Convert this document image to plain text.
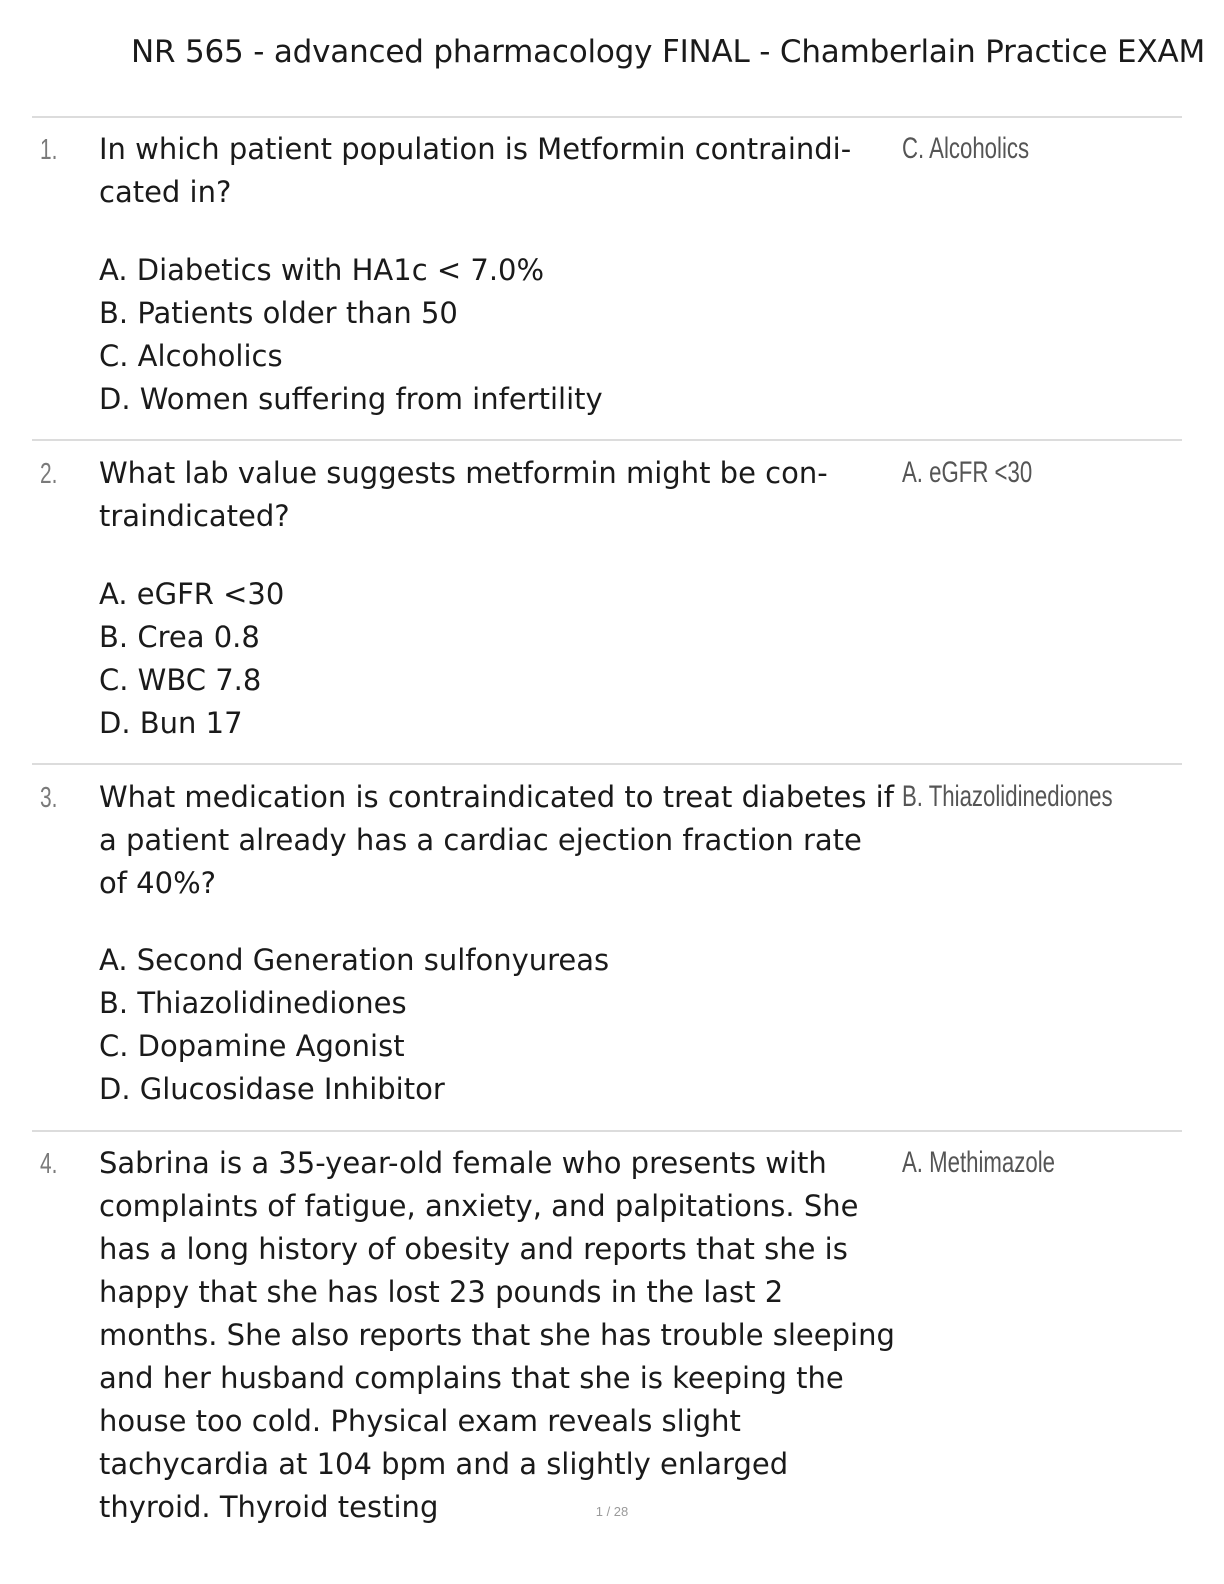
NR 565 - advanced pharmacology FINAL - Chamberlain Practice EXAM
1. In which patient population is Metformin contraindi- cated in?
C. Alcoholics
A. Diabetics with HA1c < 7.0%
B. Patients older than 50
C. Alcoholics
D. Women suffering from infertility
2. What lab value suggests metformin might be con- traindicated?
A. eGFR <30
A. eGFR <30
B. Crea 0.8
C. WBC 7.8
D. Bun 17
3. What medication is contraindicated to treat diabetes if a patient already has a cardiac ejection fraction rate of 40%?
B. Thiazolidinediones
A. Second Generation sulfonyureas
B. Thiazolidinediones
C. Dopamine Agonist
D. Glucosidase Inhibitor
4. Sabrina is a 35-year-old female who presents with complaints of fatigue, anxiety, and palpitations. She has a long history of obesity and reports that she is happy that she has lost 23 pounds in the last 2 months. She also reports that she has trouble sleeping and her husband complains that she is keeping the house too cold. Physical exam reveals slight tachycardia at 104 bpm and a slightly enlarged thyroid. Thyroid testing
A. Methimazole
1 / 28
